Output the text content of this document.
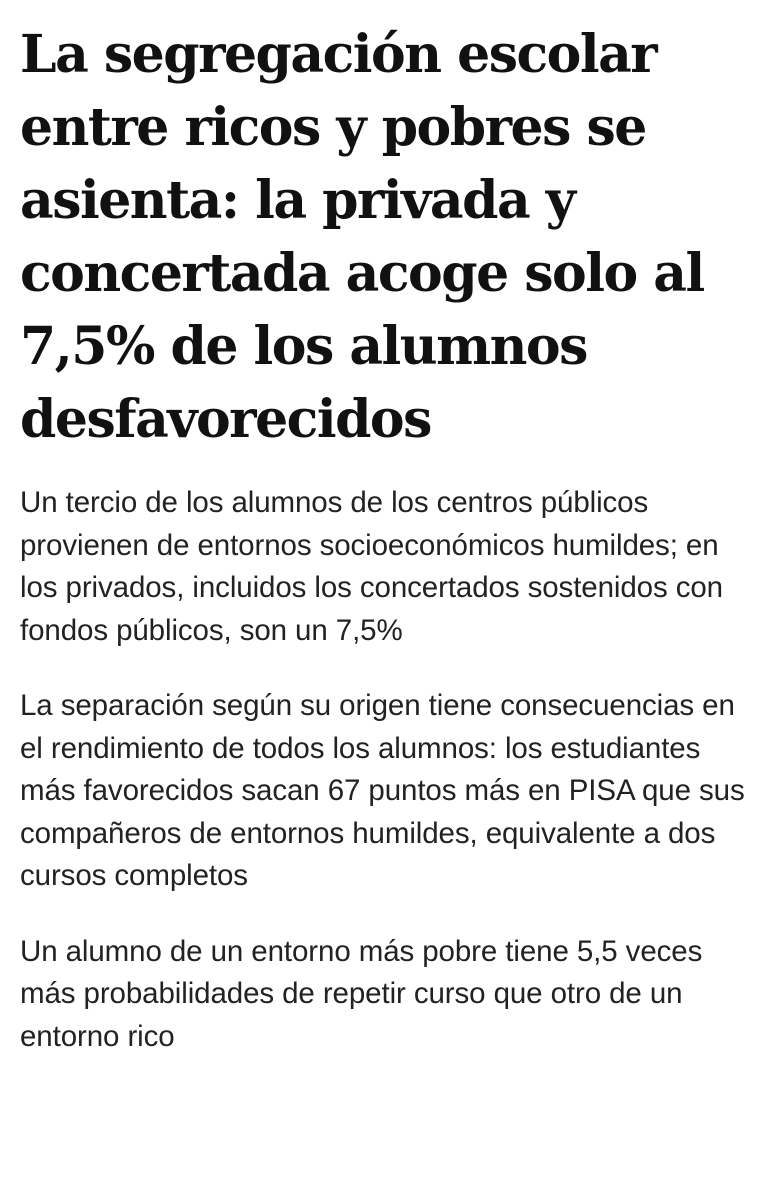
La segregación escolar entre ricos y pobres se asienta: la privada y concertada acoge solo al 7,5% de los alumnos desfavorecidos

Un tercio de los alumnos de los centros públicos provienen de entornos socioeconómicos humildes; en los privados, incluidos los concertados sostenidos con fondos públicos, son un 7,5%

La separación según su origen tiene consecuencias en el rendimiento de todos los alumnos: los estudiantes más favorecidos sacan 67 puntos más en PISA que sus compañeros de entornos humildes, equivalente a dos cursos completos

Un alumno de un entorno más pobre tiene 5,5 veces más probabilidades de repetir curso que otro de un entorno rico
